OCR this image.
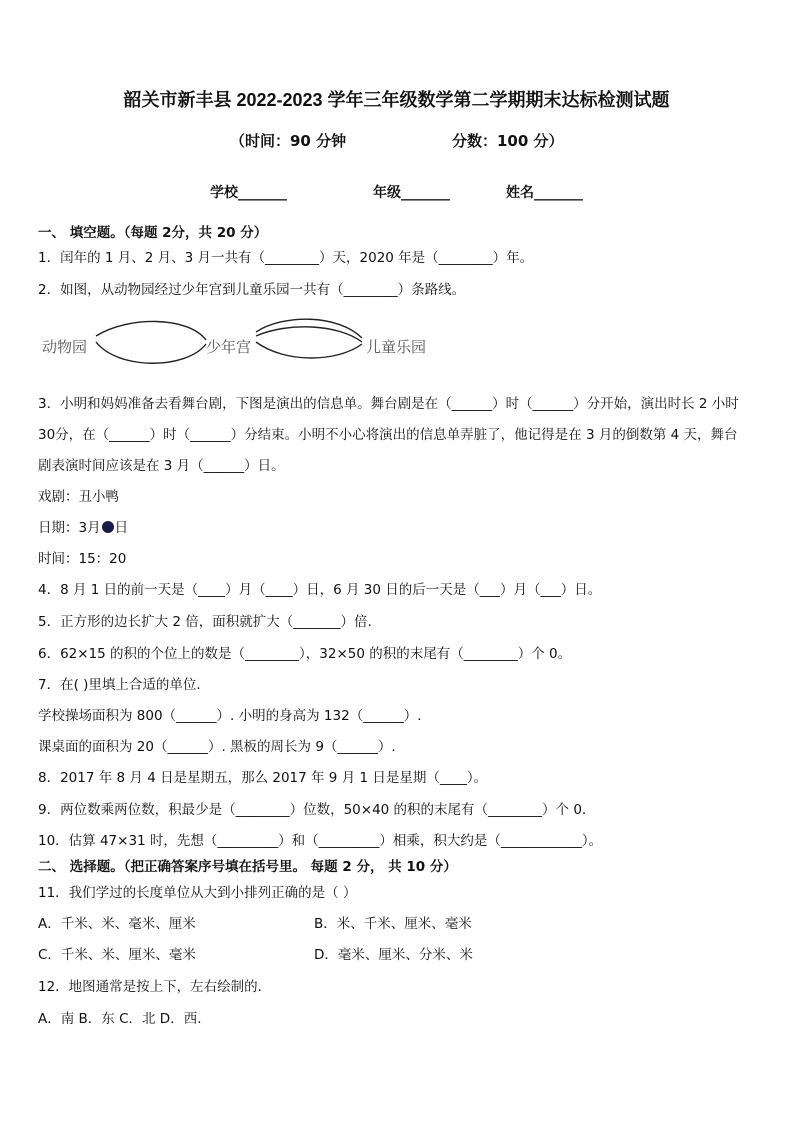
韶关市新丰县 2022-2023 学年三年级数学第二学期期末达标检测试题
（时间：90 分钟	分数：100 分）
学校_______	年级_______	姓名_______
一、 填空题。（每题 2分，共 20 分）
1．闰年的 1 月、2 月、3 月一共有（________）天，2020 年是（________）年。
2．如图，从动物园经过少年宫到儿童乐园一共有（________）条路线。
动物园	少年宫	儿童乐园
3．小明和妈妈准备去看舞台剧，下图是演出的信息单。舞台剧是在（______）时（______）分开始，演出时长 2 小时
30分，在（______）时（______）分结束。小明不小心将演出的信息单弄脏了，他记得是在 3 月的倒数第 4 天，舞台
剧表演时间应该是在 3 月（______）日。
戏剧：丑小鸭
日期：3月 日
时间：15：20
4．8 月 1 日的前一天是（____）月（____）日，6 月 30 日的后一天是（___）月（___）日。
5．正方形的边长扩大 2 倍，面积就扩大（_______）倍.
6．62×15 的积的个位上的数是（________），32×50 的积的末尾有（________）个 0。
7．在( )里填上合适的单位.
学校操场面积为 800（______）. 小明的身高为 132（______）.
课桌面的面积为 20（______）. 黑板的周长为 9（______）.
8．2017 年 8 月 4 日是星期五，那么 2017 年 9 月 1 日是星期（____）。
9．两位数乘两位数，积最少是（________）位数，50×40 的积的末尾有（________）个 0.
10．估算 47×31 时，先想（_________）和（_________）相乘，积大约是（____________）。
二、 选择题。（把正确答案序号填在括号里。 每题 2 分， 共 10 分）
11．我们学过的长度单位从大到小排列正确的是（ ）
A．千米、米、毫米、厘米	B．米、千米、厘米、毫米
C．千米、米、厘米、毫米	D．毫米、厘米、分米、米
12．地图通常是按上下，左右绘制的.
A．南 B．东 C．北 D．西.
